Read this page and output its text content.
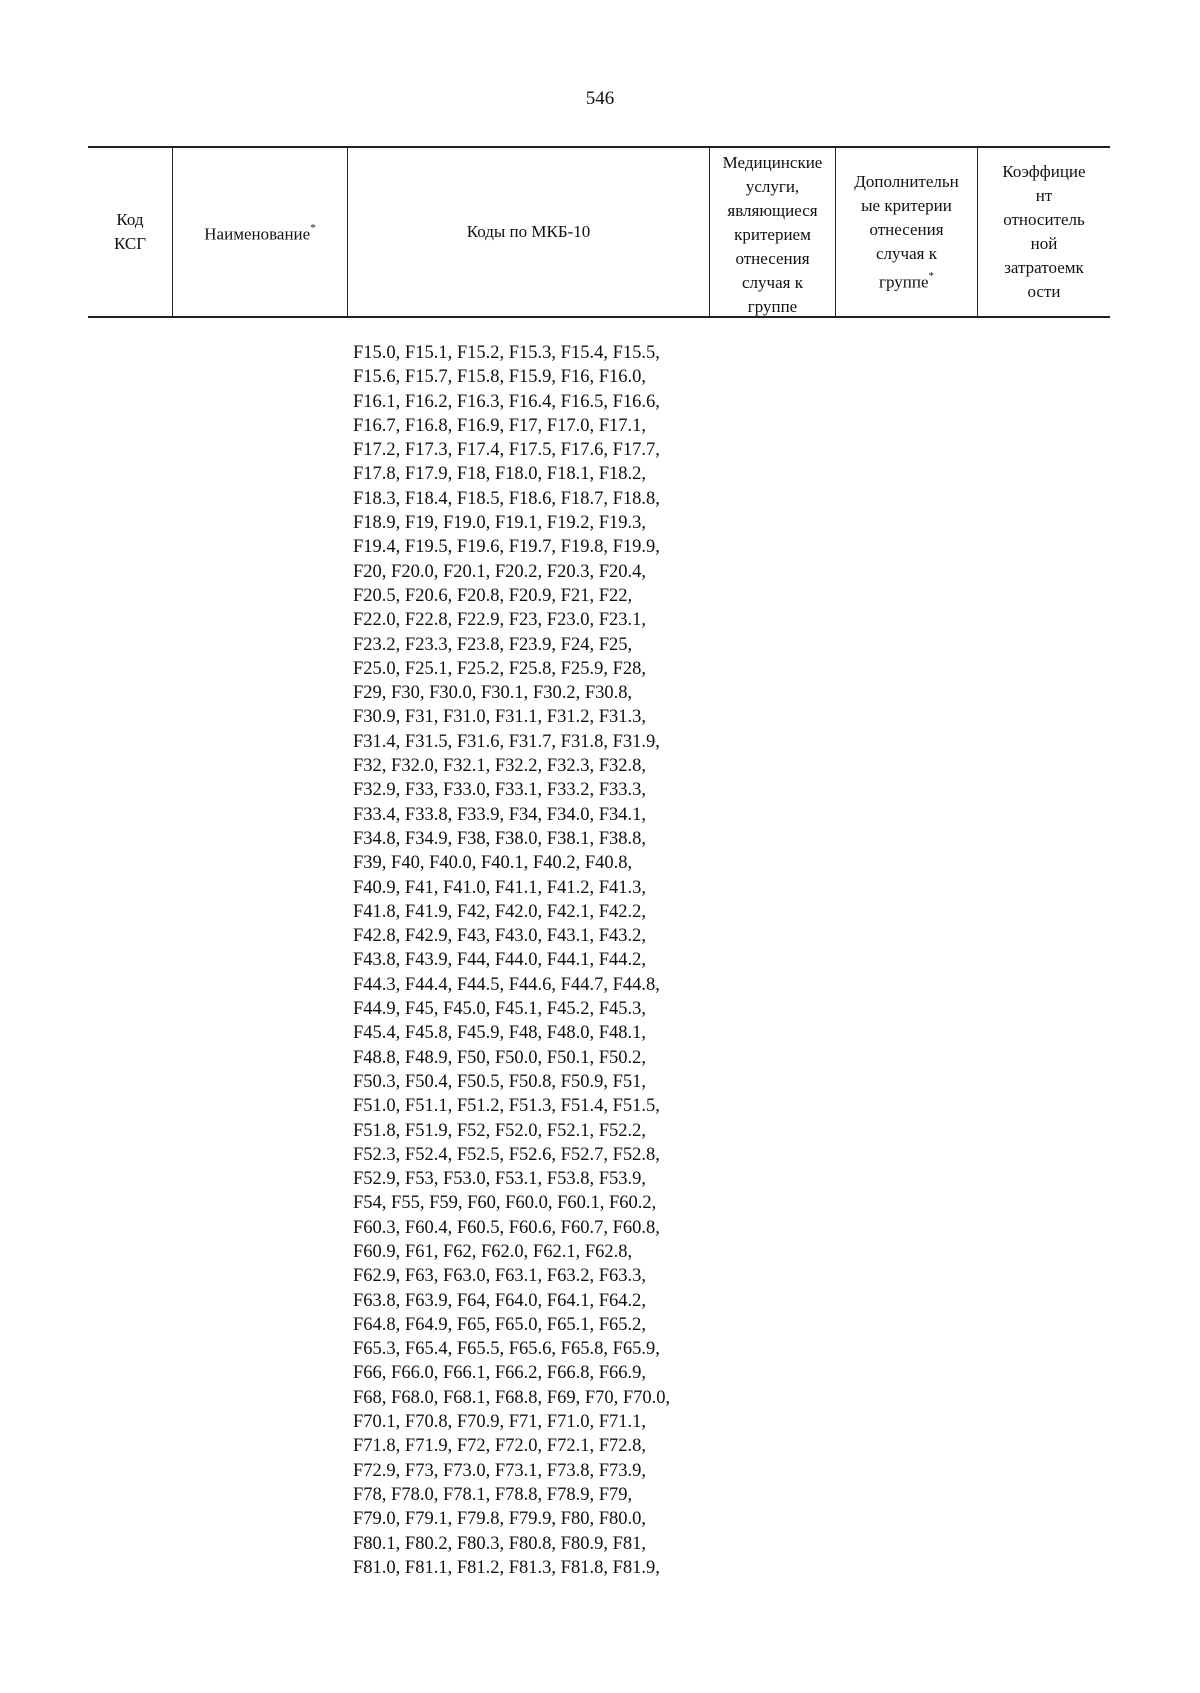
546
Код
КСГ
Наименование*	Коды по МКБ-10
Медицинские
услуги,
являющиеся
критерием
отнесения
случая к
группе
Дополнительн
ые критерии
отнесения
случая к
группе*
Коэффицие
нт
относитель
ной
затратоемк
ости
F15.0, F15.1, F15.2, F15.3, F15.4, F15.5,
F15.6, F15.7, F15.8, F15.9, F16, F16.0,
F16.1, F16.2, F16.3, F16.4, F16.5, F16.6,
F16.7, F16.8, F16.9, F17, F17.0, F17.1,
F17.2, F17.3, F17.4, F17.5, F17.6, F17.7,
F17.8, F17.9, F18, F18.0, F18.1, F18.2,
F18.3, F18.4, F18.5, F18.6, F18.7, F18.8,
F18.9, F19, F19.0, F19.1, F19.2, F19.3,
F19.4, F19.5, F19.6, F19.7, F19.8, F19.9,
F20, F20.0, F20.1, F20.2, F20.3, F20.4,
F20.5, F20.6, F20.8, F20.9, F21, F22,
F22.0, F22.8, F22.9, F23, F23.0, F23.1,
F23.2, F23.3, F23.8, F23.9, F24, F25,
F25.0, F25.1, F25.2, F25.8, F25.9, F28,
F29, F30, F30.0, F30.1, F30.2, F30.8,
F30.9, F31, F31.0, F31.1, F31.2, F31.3,
F31.4, F31.5, F31.6, F31.7, F31.8, F31.9,
F32, F32.0, F32.1, F32.2, F32.3, F32.8,
F32.9, F33, F33.0, F33.1, F33.2, F33.3,
F33.4, F33.8, F33.9, F34, F34.0, F34.1,
F34.8, F34.9, F38, F38.0, F38.1, F38.8,
F39, F40, F40.0, F40.1, F40.2, F40.8,
F40.9, F41, F41.0, F41.1, F41.2, F41.3,
F41.8, F41.9, F42, F42.0, F42.1, F42.2,
F42.8, F42.9, F43, F43.0, F43.1, F43.2,
F43.8, F43.9, F44, F44.0, F44.1, F44.2,
F44.3, F44.4, F44.5, F44.6, F44.7, F44.8,
F44.9, F45, F45.0, F45.1, F45.2, F45.3,
F45.4, F45.8, F45.9, F48, F48.0, F48.1,
F48.8, F48.9, F50, F50.0, F50.1, F50.2,
F50.3, F50.4, F50.5, F50.8, F50.9, F51,
F51.0, F51.1, F51.2, F51.3, F51.4, F51.5,
F51.8, F51.9, F52, F52.0, F52.1, F52.2,
F52.3, F52.4, F52.5, F52.6, F52.7, F52.8,
F52.9, F53, F53.0, F53.1, F53.8, F53.9,
F54, F55, F59, F60, F60.0, F60.1, F60.2,
F60.3, F60.4, F60.5, F60.6, F60.7, F60.8,
F60.9, F61, F62, F62.0, F62.1, F62.8,
F62.9, F63, F63.0, F63.1, F63.2, F63.3,
F63.8, F63.9, F64, F64.0, F64.1, F64.2,
F64.8, F64.9, F65, F65.0, F65.1, F65.2,
F65.3, F65.4, F65.5, F65.6, F65.8, F65.9,
F66, F66.0, F66.1, F66.2, F66.8, F66.9,
F68, F68.0, F68.1, F68.8, F69, F70, F70.0,
F70.1, F70.8, F70.9, F71, F71.0, F71.1,
F71.8, F71.9, F72, F72.0, F72.1, F72.8,
F72.9, F73, F73.0, F73.1, F73.8, F73.9,
F78, F78.0, F78.1, F78.8, F78.9, F79,
F79.0, F79.1, F79.8, F79.9, F80, F80.0,
F80.1, F80.2, F80.3, F80.8, F80.9, F81,
F81.0, F81.1, F81.2, F81.3, F81.8, F81.9,
